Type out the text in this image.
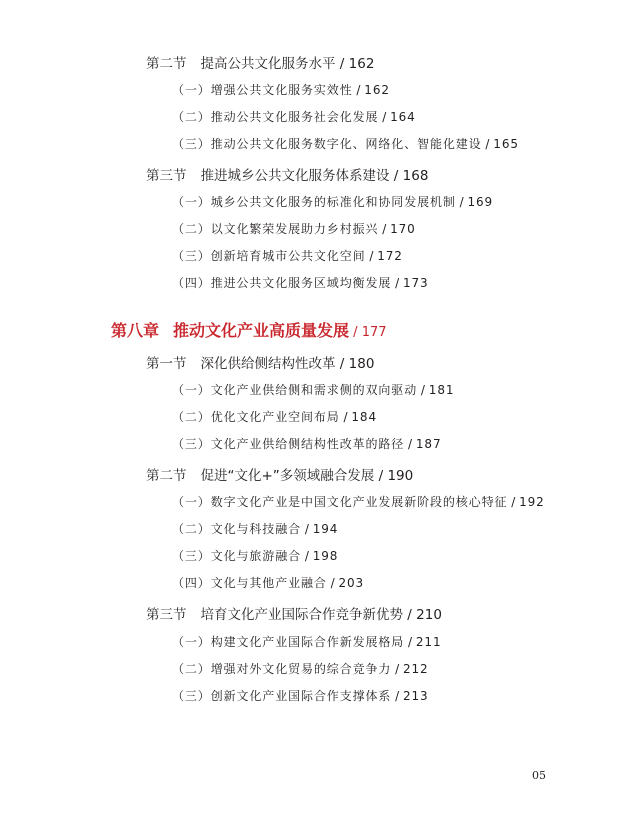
第二节 提高公共文化服务水平 / 162
（一）增强公共文化服务实效性 / 162
（二）推动公共文化服务社会化发展 / 164
（三）推动公共文化服务数字化、网络化、智能化建设 / 165
第三节 推进城乡公共文化服务体系建设 / 168
（一）城乡公共文化服务的标准化和协同发展机制 / 169
（二）以文化繁荣发展助力乡村振兴 / 170
（三）创新培育城市公共文化空间 / 172
（四）推进公共文化服务区域均衡发展 / 173
第八章 推动文化产业高质量发展 / 177
第一节 深化供给侧结构性改革 / 180
（一）文化产业供给侧和需求侧的双向驱动 / 181
（二）优化文化产业空间布局 / 184
（三）文化产业供给侧结构性改革的路径 / 187
第二节 促进“文化+”多领域融合发展 / 190
（一）数字文化产业是中国文化产业发展新阶段的核心特征 / 192
（二）文化与科技融合 / 194
（三）文化与旅游融合 / 198
（四）文化与其他产业融合 / 203
第三节 培育文化产业国际合作竞争新优势 / 210
（一）构建文化产业国际合作新发展格局 / 211
（二）增强对外文化贸易的综合竞争力 / 212
（三）创新文化产业国际合作支撑体系 / 213
05
